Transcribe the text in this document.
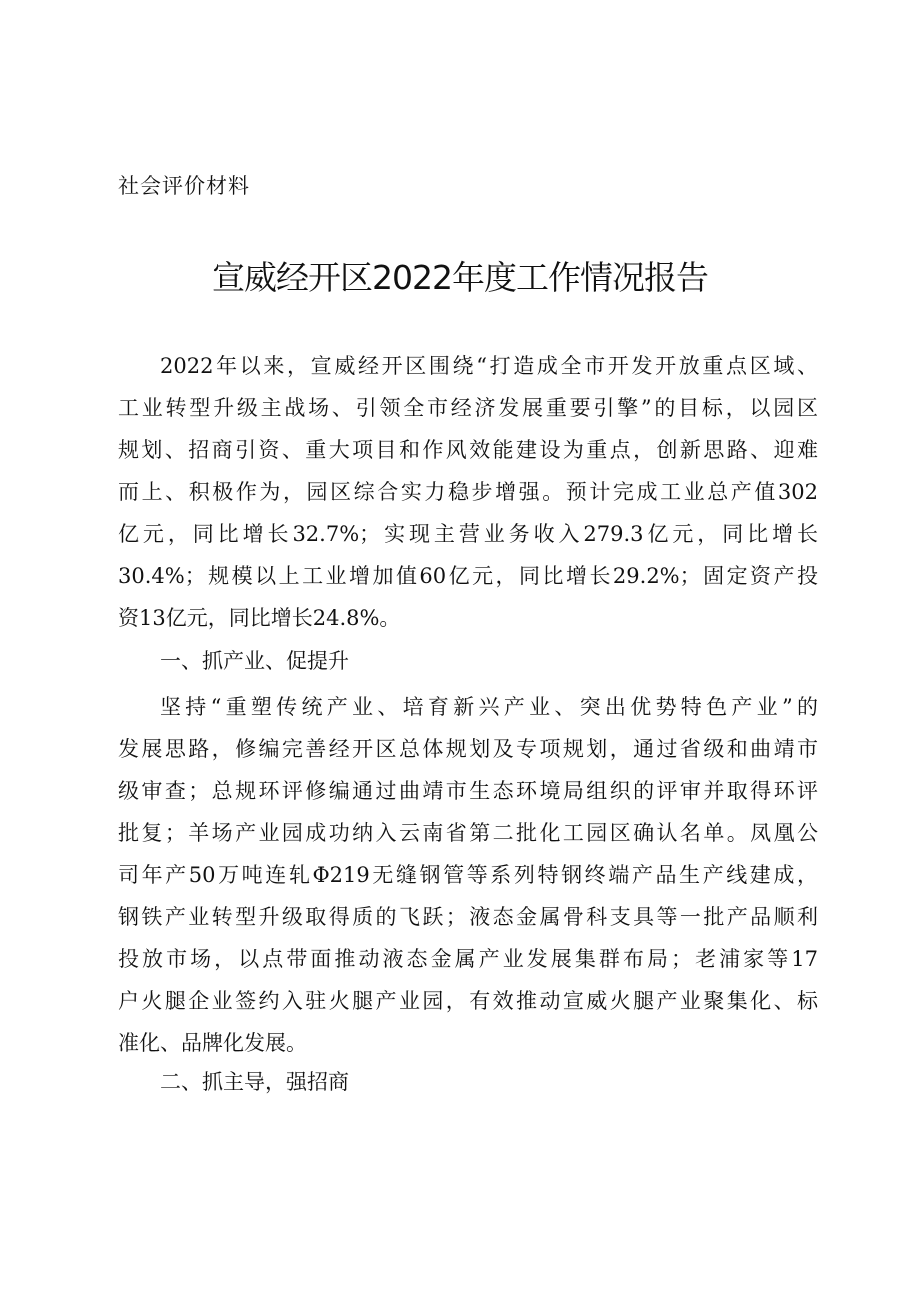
社会评价材料
宣威经开区2022年度工作情况报告
2022年以来，宣威经开区围绕“打造成全市开发开放重点区域、
工业转型升级主战场、引领全市经济发展重要引擎”的目标，以园区
规划、招商引资、重大项目和作风效能建设为重点，创新思路、迎难
而上、积极作为，园区综合实力稳步增强。预计完成工业总产值302
亿元，同比增长32.7%；实现主营业务收入279.3亿元，同比增长
30.4%；规模以上工业增加值60亿元，同比增长29.2%；固定资产投
资13亿元，同比增长24.8%。
一、抓产业、促提升
坚持“重塑传统产业、培育新兴产业、突出优势特色产业”的
发展思路，修编完善经开区总体规划及专项规划，通过省级和曲靖市
级审查；总规环评修编通过曲靖市生态环境局组织的评审并取得环评
批复；羊场产业园成功纳入云南省第二批化工园区确认名单。凤凰公
司年产50万吨连轧Φ219无缝钢管等系列特钢终端产品生产线建成，
钢铁产业转型升级取得质的飞跃；液态金属骨科支具等一批产品顺利
投放市场，以点带面推动液态金属产业发展集群布局；老浦家等17
户火腿企业签约入驻火腿产业园，有效推动宣威火腿产业聚集化、标
准化、品牌化发展。
二、抓主导，强招商
